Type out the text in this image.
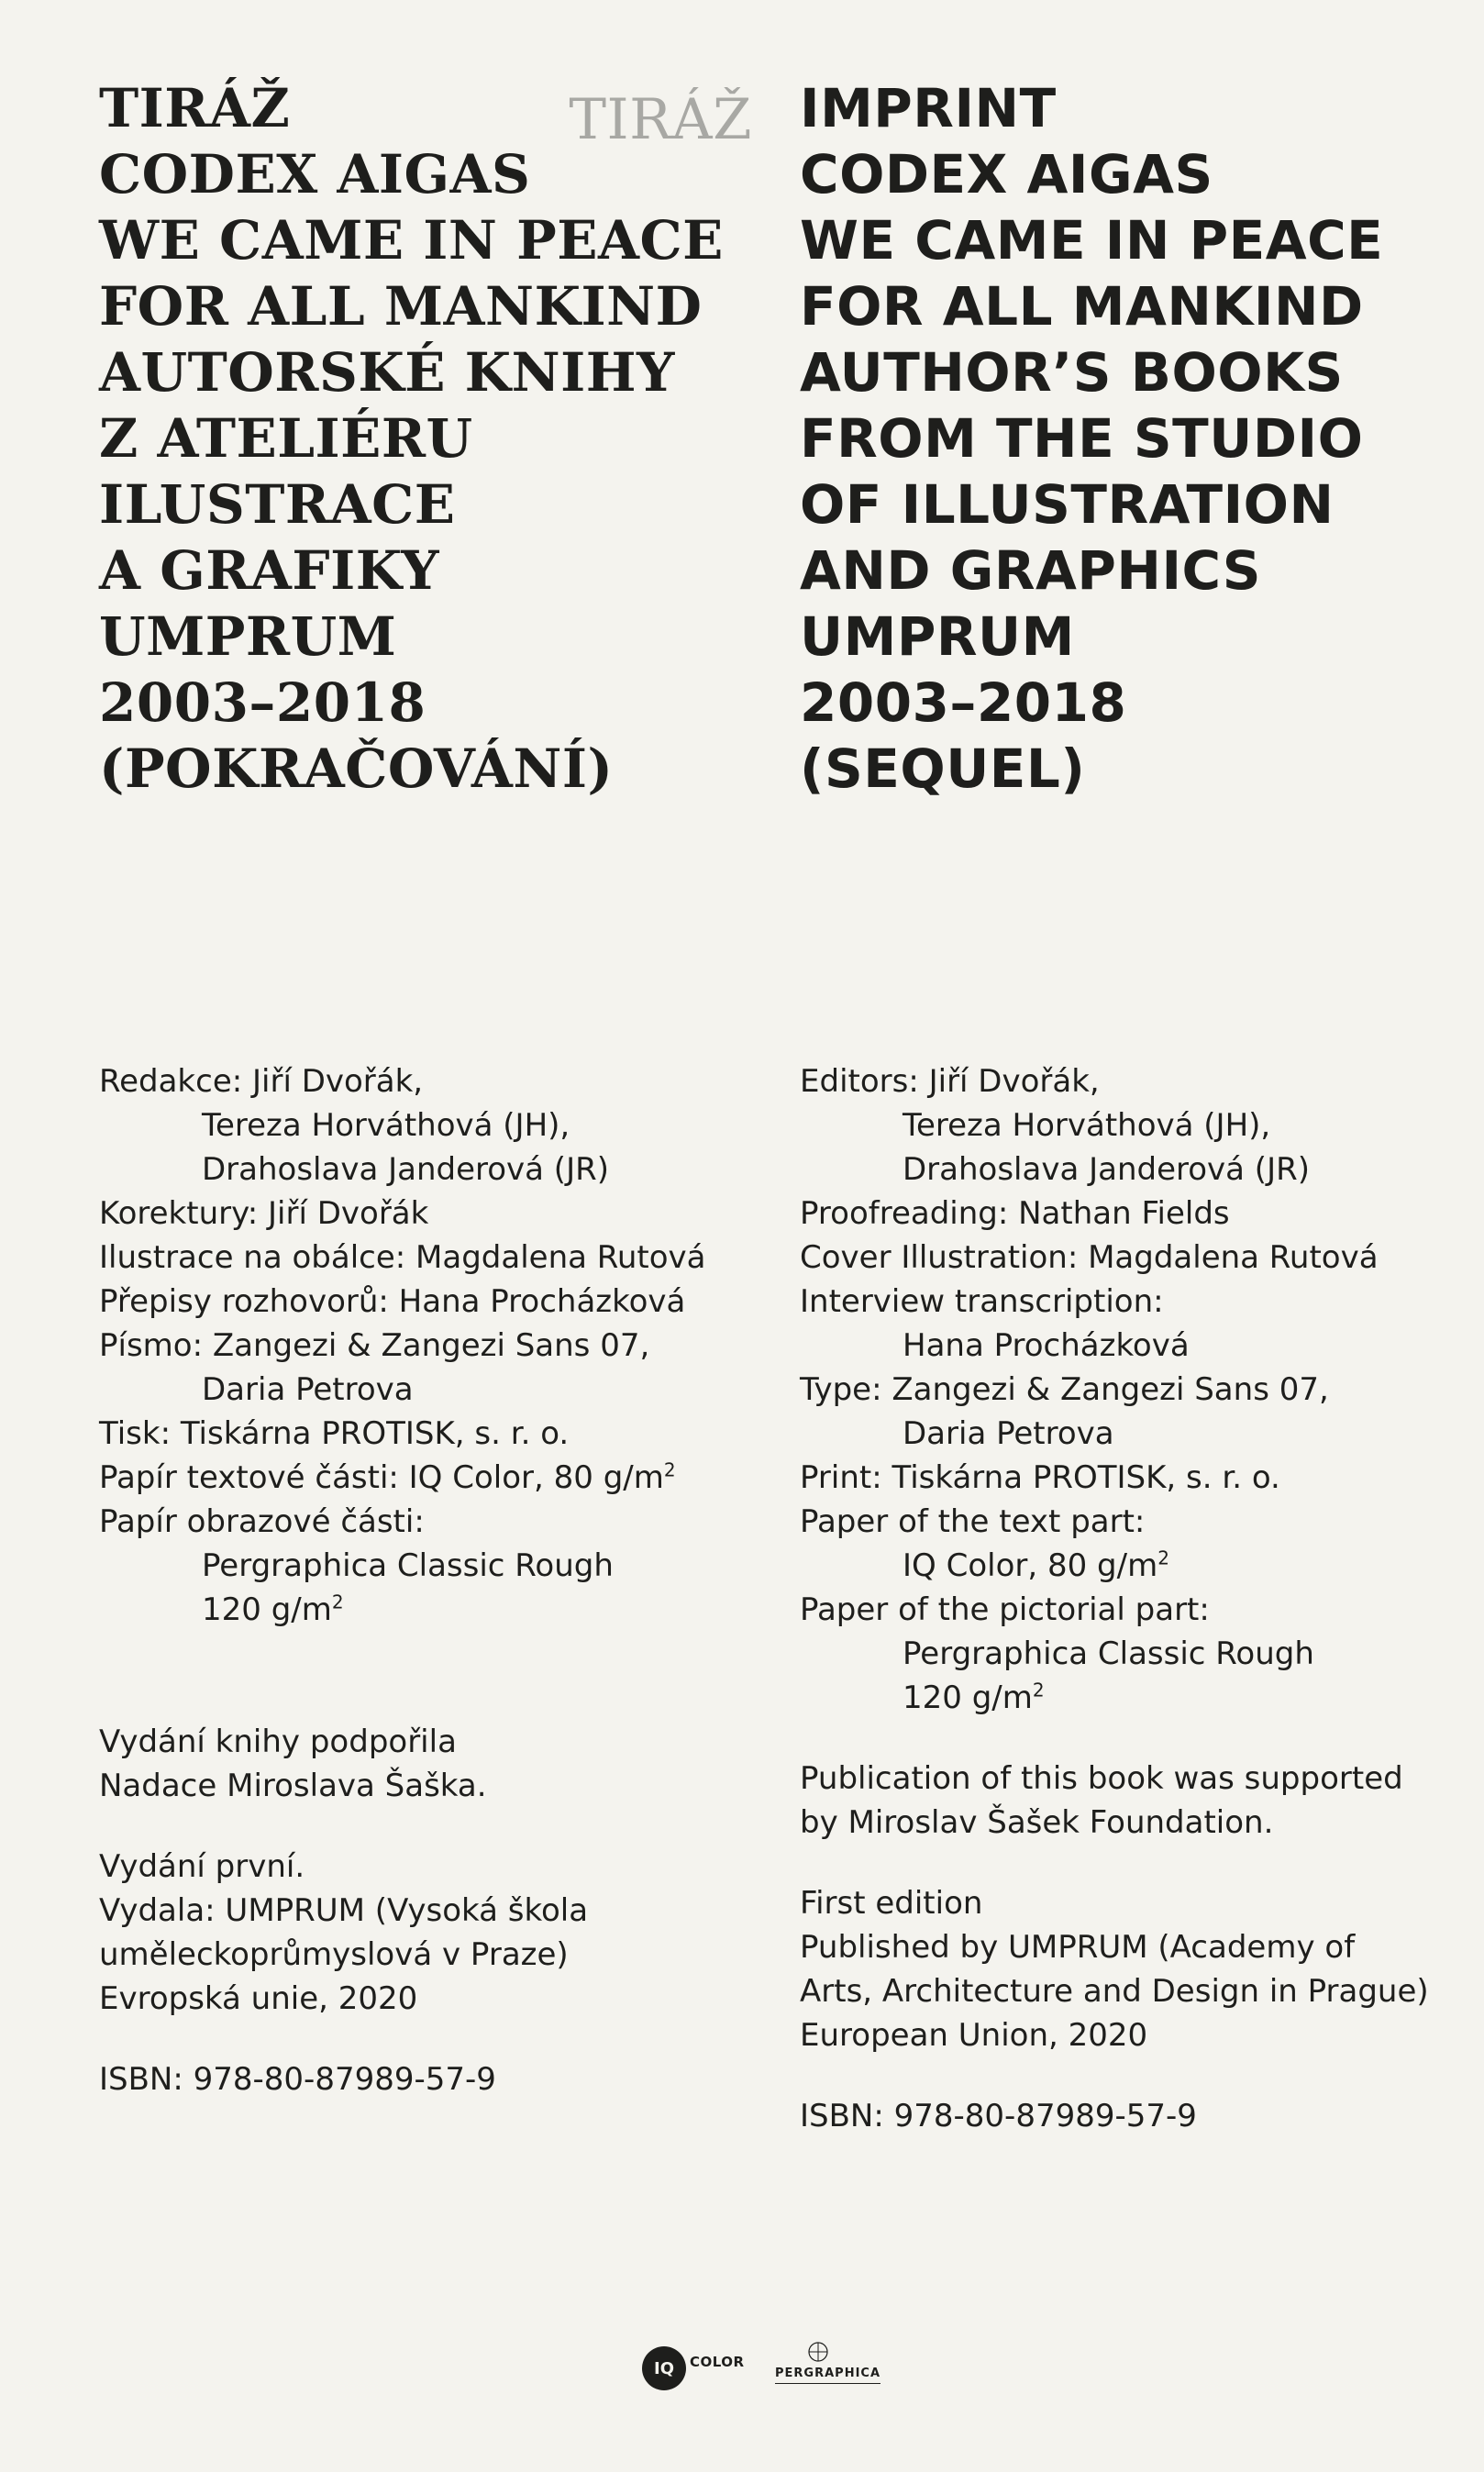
TIRÁŽ
TIRÁŽ
CODEX AIGAS
WE CAME IN PEACE
FOR ALL MANKIND
AUTORSKÉ KNIHY
Z ATELIÉRU
ILUSTRACE
A GRAFIKY
UMPRUM
2003–2018
(POKRAČOVÁNÍ)
Redakce: Jiří Dvořák,
Tereza Horváthová (JH),
Drahoslava Janderová (JR)
Korektury: Jiří Dvořák
Ilustrace na obálce: Magdalena Rutová
Přepisy rozhovorů: Hana Procházková
Písmo: Zangezi & Zangezi Sans 07,
Daria Petrova
Tisk: Tiskárna PROTISK, s. r. o.
Papír textové části: IQ Color, 80 $g/m^2$
Papír obrazové části:
Pergraphica Classic Rough
120 $g/m^2$
Vydání knihy podpořila
Nadace Miroslava Šaška.
Vydání první.
Vydala: UMPRUM (Vysoká škola
uměleckoprůmyslová v Praze)
Evropská unie, 2020
ISBN: 978-80-87989-57-9
IMPRINT
CODEX AIGAS
WE CAME IN PEACE
FOR ALL MANKIND
AUTHOR’S BOOKS
FROM THE STUDIO
OF ILLUSTRATION
AND GRAPHICS
UMPRUM
2003–2018
(SEQUEL)
Editors: Jiří Dvořák,
Tereza Horváthová (JH),
Drahoslava Janderová (JR)
Proofreading: Nathan Fields
Cover Illustration: Magdalena Rutová
Interview transcription:
Hana Procházková
Type: Zangezi & Zangezi Sans 07,
Daria Petrova
Print: Tiskárna PROTISK, s. r. o.
Paper of the text part:
IQ Color, 80 $g/m^2$
Paper of the pictorial part:
Pergraphica Classic Rough
120 $g/m^2$
Publication of this book was supported
by Miroslav Šašek Foundation.
First edition
Published by UMPRUM (Academy of
Arts, Architecture and Design in Prague)
European Union, 2020
ISBN: 978-80-87989-57-9
IQ	COLOR
PERGRAPHICA
